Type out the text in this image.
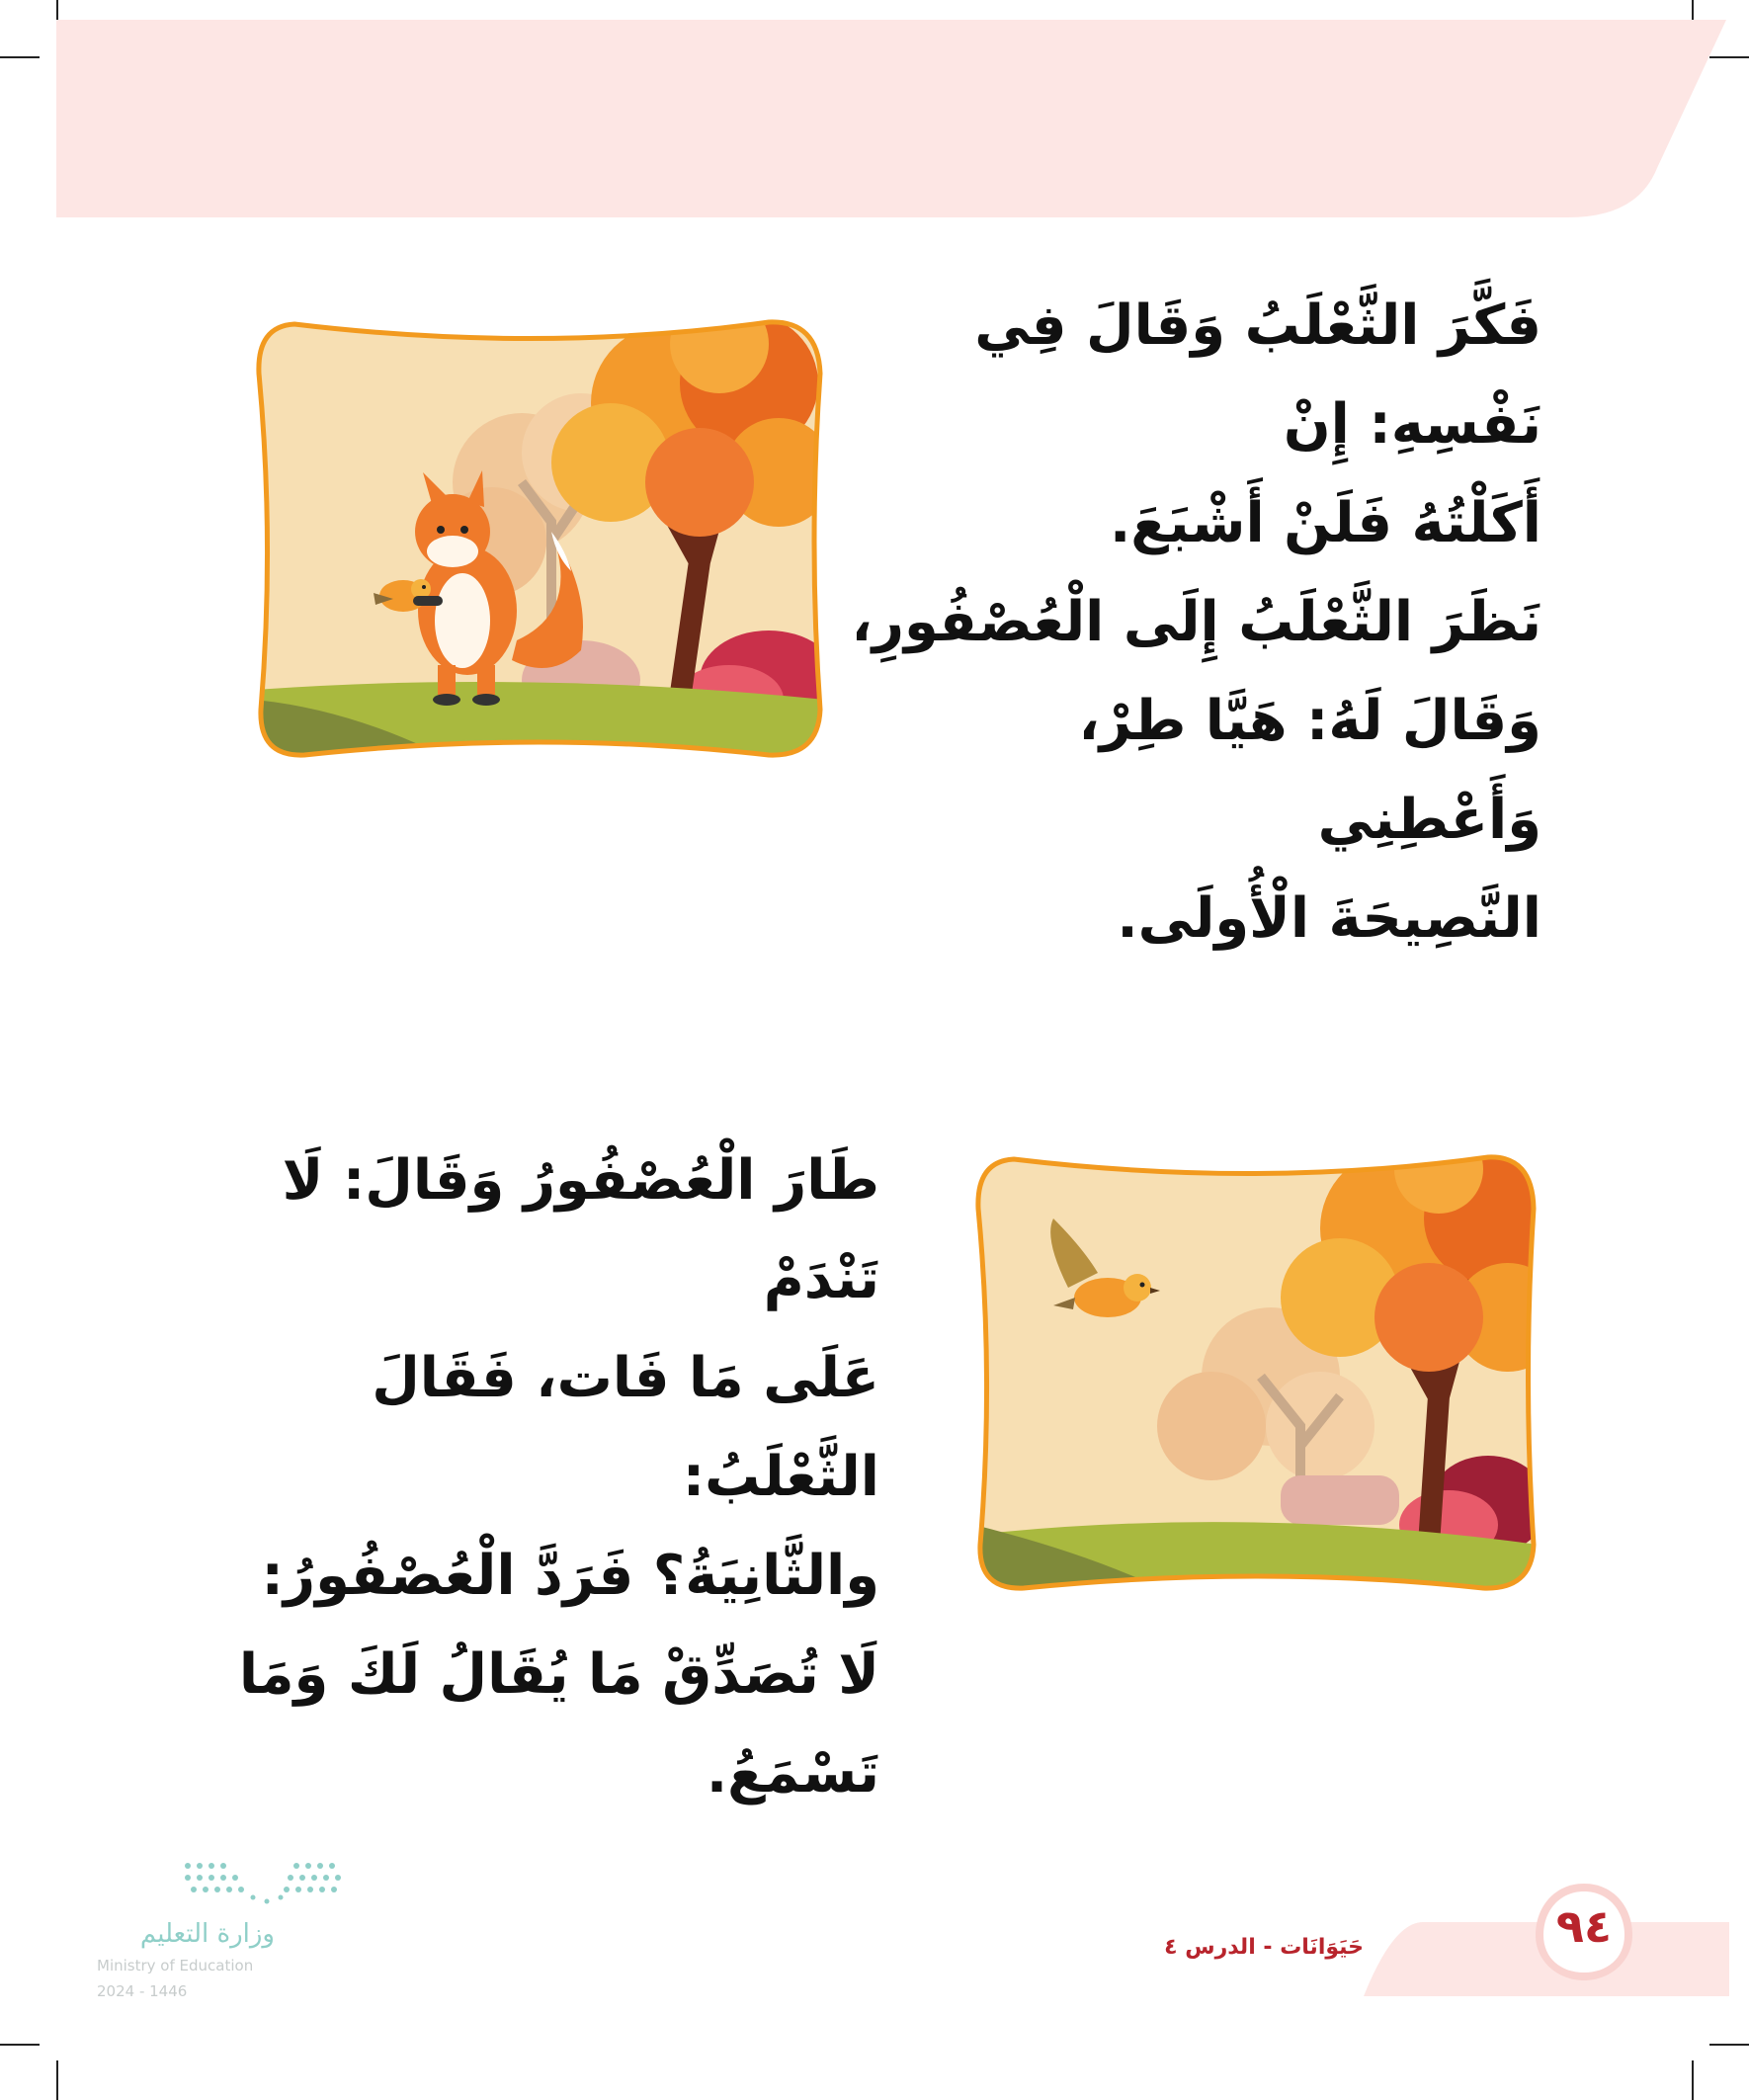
فَكَّرَ الثَّعْلَبُ وَقَالَ فِي نَفْسِهِ: إِنْ

أَكَلْتُهُ فَلَنْ أَشْبَعَ.

نَظَرَ الثَّعْلَبُ إِلَى الْعُصْفُورِ،

وَقَالَ لَهُ: هَيَّا طِرْ، وَأَعْطِنِي

النَّصِيحَةَ الْأُولَى.

طَارَ الْعُصْفُورُ وَقَالَ: لَا تَنْدَمْ

عَلَى مَا فَات، فَقَالَ الثَّعْلَبُ:

والثَّانِيَةُ؟ فَرَدَّ الْعُصْفُورُ:

لَا تُصَدِّقْ مَا يُقَالُ لَكَ وَمَا

تَسْمَعُ.

وزارة التعليم
Ministry of Education
2024 - 1446
حَيَوَانَات - الدرس ٤	٩٤
